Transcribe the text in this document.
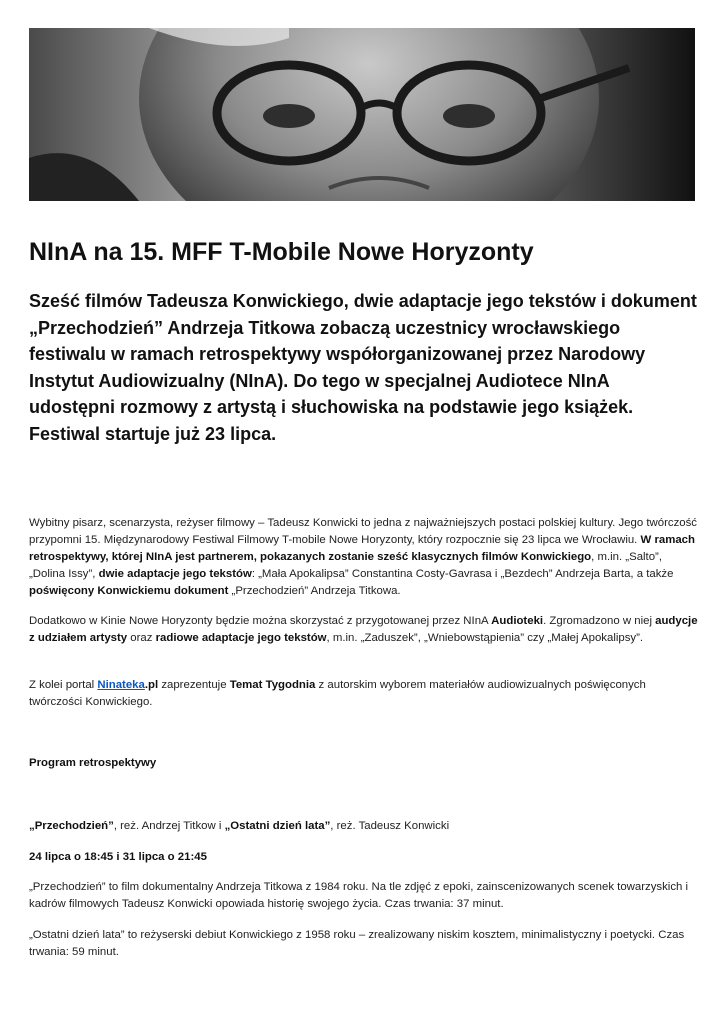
NInA na 15. MFF T-Mobile Nowe Horyzonty

Sześć filmów Tadeusza Konwickiego, dwie adaptacje jego tekstów i dokument „Przechodzień” Andrzeja Titkowa zobaczą uczestnicy wrocławskiego festiwalu w ramach retrospektywy współorganizowanej przez Narodowy Instytut Audiowizualny (NInA). Do tego w specjalnej Audiotece NInA udostępni rozmowy z artystą i słuchowiska na podstawie jego książek. Festiwal startuje już 23 lipca.

Wybitny pisarz, scenarzysta, reżyser filmowy – Tadeusz Konwicki to jedna z najważniejszych postaci polskiej kultury. Jego twórczość przypomni 15. Międzynarodowy Festiwal Filmowy T-mobile Nowe Horyzonty, który rozpocznie się 23 lipca we Wrocławiu. W ramach retrospektywy, której NInA jest partnerem, pokazanych zostanie sześć klasycznych filmów Konwickiego, m.in. „Salto”, „Dolina Issy”, dwie adaptacje jego tekstów: „Mała Apokalipsa” Constantina Costy-Gavrasa i „Bezdech” Andrzeja Barta, a także poświęcony Konwickiemu dokument „Przechodzień” Andrzeja Titkowa.

Dodatkowo w Kinie Nowe Horyzonty będzie można skorzystać z przygotowanej przez NInA Audioteki. Zgromadzono w niej audycje z udziałem artysty oraz radiowe adaptacje jego tekstów, m.in. „Zaduszek”, „Wniebowstąpienia” czy „Małej Apokalipsy”.

Z kolei portal Ninateka.pl zaprezentuje Temat Tygodnia z autorskim wyborem materiałów audiowizualnych poświęconych twórczości Konwickiego.

Program retrospektywy

„Przechodzień”, reż. Andrzej Titkow i „Ostatni dzień lata”, reż. Tadeusz Konwicki

24 lipca o 18:45 i 31 lipca o 21:45

„Przechodzień” to film dokumentalny Andrzeja Titkowa z 1984 roku. Na tle zdjęć z epoki, zainscenizowanych scenek towarzyskich i kadrów filmowych Tadeusz Konwicki opowiada historię swojego życia. Czas trwania: 37 minut.

„Ostatni dzień lata” to reżyserski debiut Konwickiego z 1958 roku – zrealizowany niskim kosztem, minimalistyczny i poetycki. Czas trwania: 59 minut.
